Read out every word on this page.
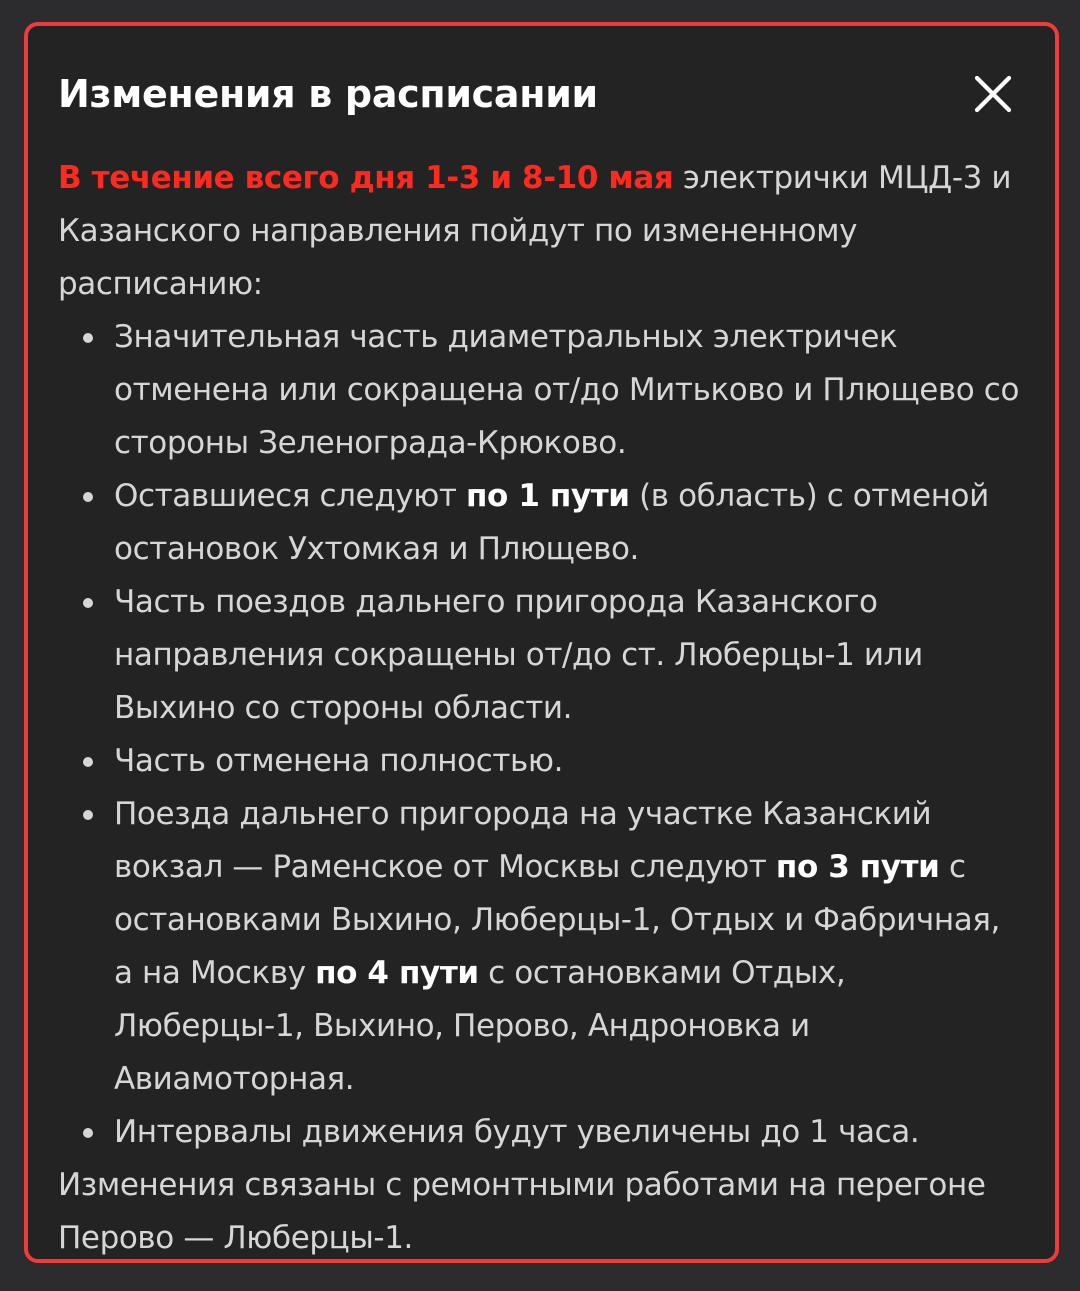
Изменения в расписании

В течение всего дня 1-3 и 8-10 мая электрички МЦД-3 и Казанского направления пойдут по измененному расписанию:

Значительная часть диаметральных электричек отменена или сокращена от/до Митьково и Плющево со стороны Зеленограда-Крюково.
Оставшиеся следуют по 1 пути (в область) с отменой остановок Ухтомкая и Плющево.
Часть поездов дальнего пригорода Казанского направления сокращены от/до ст. Люберцы-1 или Выхино со стороны области.
Часть отменена полностью.
Поезда дальнего пригорода на участке Казанский вокзал — Раменское от Москвы следуют по 3 пути с остановками Выхино, Люберцы-1, Отдых и Фабричная, а на Москву по 4 пути с остановками Отдых, Люберцы-1, Выхино, Перово, Андроновка и Авиамоторная.
Интервалы движения будут увеличены до 1 часа.

Изменения связаны с ремонтными работами на перегоне Перово — Люберцы-1.
